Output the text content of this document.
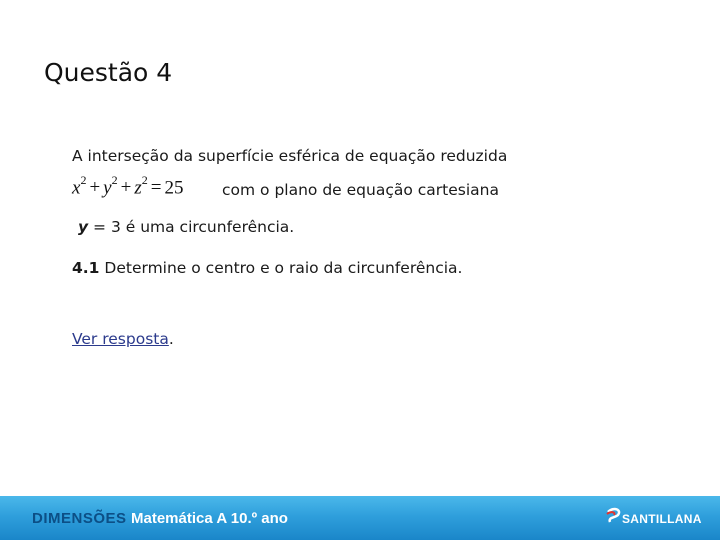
Questão 4
A interseção da superfície esférica de equação reduzida
$x^2 + y^2 + z^2 = 25$ com o plano de equação cartesiana
y = 3 é uma circunferência.
4.1 Determine o centro e o raio da circunferência.
Ver resposta.
DIMENSÕES Matemática A 10.º ano	SANTILLANA
